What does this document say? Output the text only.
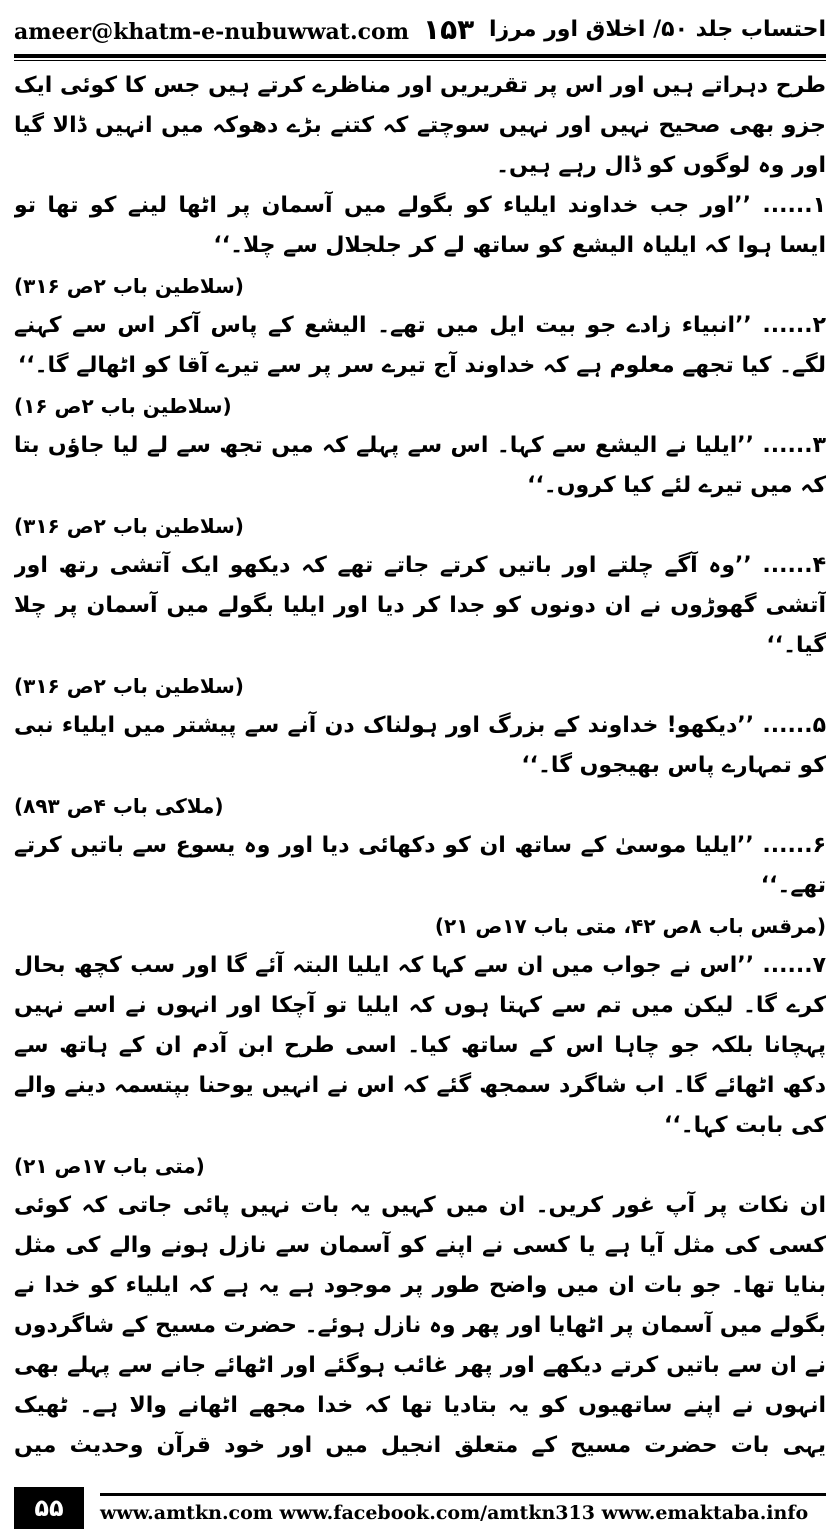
ameer@khatm-e-nubuwwat.com ۱۵۳ احتساب جلد ۵۰/ اخلاق اور مرزا

طرح دہراتے ہیں اور اس پر تقریریں اور مناظرے کرتے ہیں جس کا کوئی ایک جزو بھی صحیح نہیں اور نہیں سوچتے کہ کتنے بڑے دھوکہ میں انہیں ڈالا گیا اور وہ لوگوں کو ڈال رہے ہیں۔

۱...... ’’اور جب خداوند ایلیاء کو بگولے میں آسمان پر اٹھا لینے کو تھا تو ایسا ہوا کہ ایلیاہ الیشع کو ساتھ لے کر جلجلال سے چلا۔‘‘
(سلاطین باب ۲ص ۳۱۶)

۲...... ’’انبیاء زادے جو بیت ایل میں تھے۔ الیشع کے پاس آکر اس سے کہنے لگے۔ کیا تجھے معلوم ہے کہ خداوند آج تیرے سر پر سے تیرے آقا کو اٹھالے گا۔‘‘
(سلاطین باب ۲ص ۱۶)

۳...... ’’ایلیا نے الیشع سے کہا۔ اس سے پہلے کہ میں تجھ سے لے لیا جاؤں بتا کہ میں تیرے لئے کیا کروں۔‘‘
(سلاطین باب ۲ص ۳۱۶)

۴...... ’’وہ آگے چلتے اور باتیں کرتے جاتے تھے کہ دیکھو ایک آتشی رتھ اور آتشی گھوڑوں نے ان دونوں کو جدا کر دیا اور ایلیا بگولے میں آسمان پر چلا گیا۔‘‘
(سلاطین باب ۲ص ۳۱۶)

۵...... ’’دیکھو! خداوند کے بزرگ اور ہولناک دن آنے سے پیشتر میں ایلیاء نبی کو تمہارے پاس بھیجوں گا۔‘‘
(ملاکی باب ۴ص ۸۹۳)

۶...... ’’ایلیا موسیٰ کے ساتھ ان کو دکھائی دیا اور وہ یسوع سے باتیں کرتے تھے۔‘‘
(مرقس باب ۸ص ۴۲، متی باب ۱۷ص ۲۱)

۷...... ’’اس نے جواب میں ان سے کہا کہ ایلیا البتہ آئے گا اور سب کچھ بحال کرے گا۔ لیکن میں تم سے کہتا ہوں کہ ایلیا تو آچکا اور انہوں نے اسے نہیں پہچانا بلکہ جو چاہا اس کے ساتھ کیا۔ اسی طرح ابن آدم ان کے ہاتھ سے دکھ اٹھائے گا۔ اب شاگرد سمجھ گئے کہ اس نے انہیں یوحنا بپتسمہ دینے والے کی بابت کہا۔‘‘
(متی باب ۱۷ص ۲۱)

ان نکات پر آپ غور کریں۔ ان میں کہیں یہ بات نہیں پائی جاتی کہ کوئی کسی کی مثل آیا ہے یا کسی نے اپنے کو آسمان سے نازل ہونے والے کی مثل بنایا تھا۔ جو بات ان میں واضح طور پر موجود ہے یہ ہے کہ ایلیاء کو خدا نے بگولے میں آسمان پر اٹھایا اور پھر وہ نازل ہوئے۔ حضرت مسیح کے شاگردوں نے ان سے باتیں کرتے دیکھے اور پھر غائب ہوگئے اور اٹھائے جانے سے پہلے بھی انہوں نے اپنے ساتھیوں کو یہ بتادیا تھا کہ خدا مجھے اٹھانے والا ہے۔ ٹھیک یہی بات حضرت مسیح کے متعلق انجیل میں اور خود قرآن وحدیث میں

۵۵	www.amtkn.com www.facebook.com/amtkn313 www.emaktaba.info
